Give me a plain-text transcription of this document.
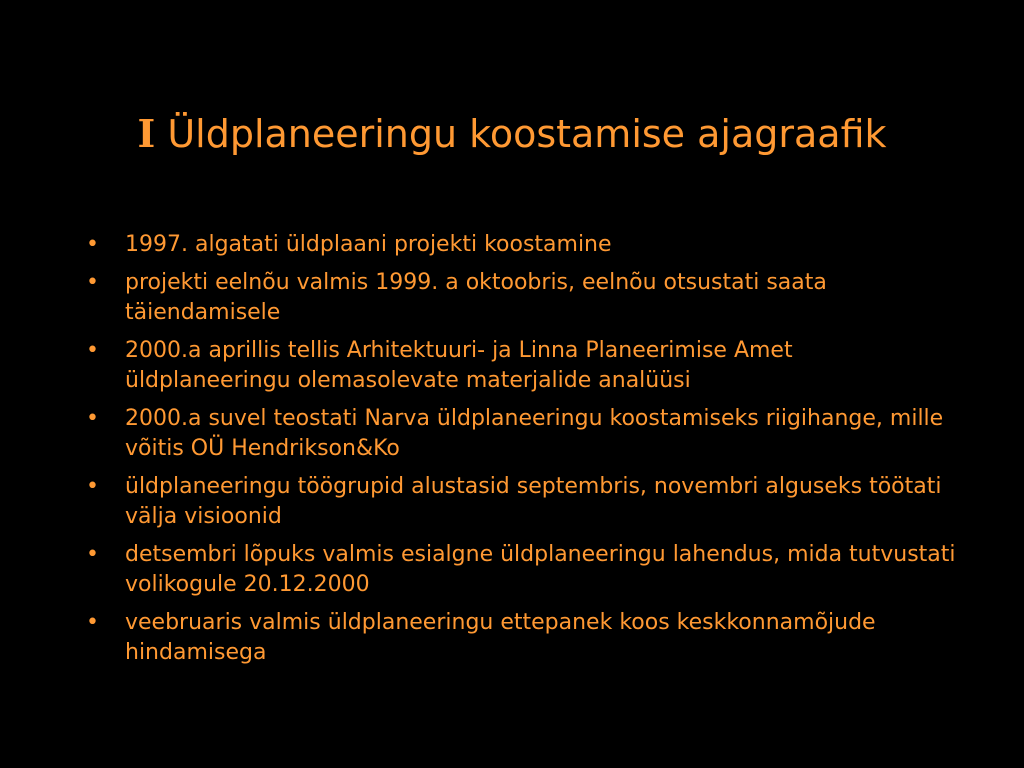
I Üldplaneeringu koostamise ajagraafik
•	1997. algatati üldplaani projekti koostamine
•	projekti eelnõu valmis 1999. a oktoobris, eelnõu otsustati saata täiendamisele
•	2000.a aprillis tellis Arhitektuuri- ja Linna Planeerimise Amet üldplaneeringu olemasolevate materjalide analüüsi
•	2000.a suvel teostati Narva üldplaneeringu koostamiseks riigihange, mille võitis OÜ Hendrikson&Ko
•	üldplaneeringu töögrupid alustasid septembris, novembri alguseks töötati välja visioonid
•	detsembri lõpuks valmis esialgne üldplaneeringu lahendus, mida tutvustati volikogule 20.12.2000
•	veebruaris valmis üldplaneeringu ettepanek koos keskkonnamõjude hindamisega
